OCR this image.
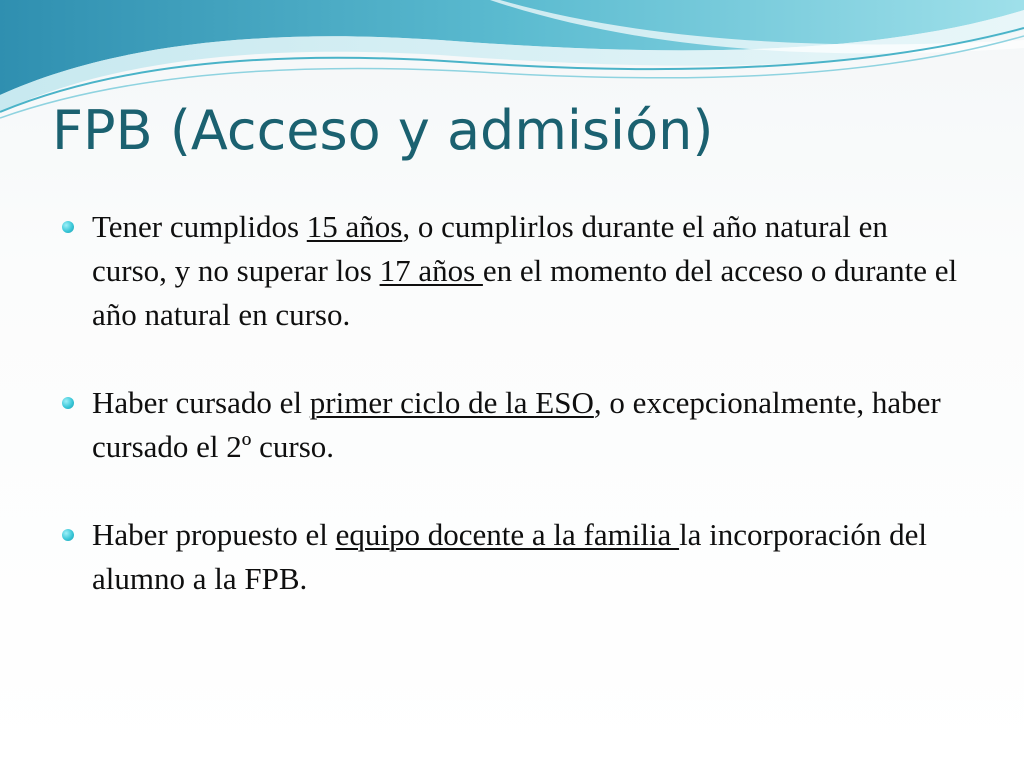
FPB (Acceso y admisión)
Tener cumplidos 15 años, o cumplirlos durante el año natural en curso, y no superar los 17 años en el momento del acceso o durante el año natural en curso.
Haber cursado el primer ciclo de la ESO, o excepcionalmente, haber cursado el 2º curso.
Haber propuesto el equipo docente a la familia la incorporación del alumno a la FPB.
